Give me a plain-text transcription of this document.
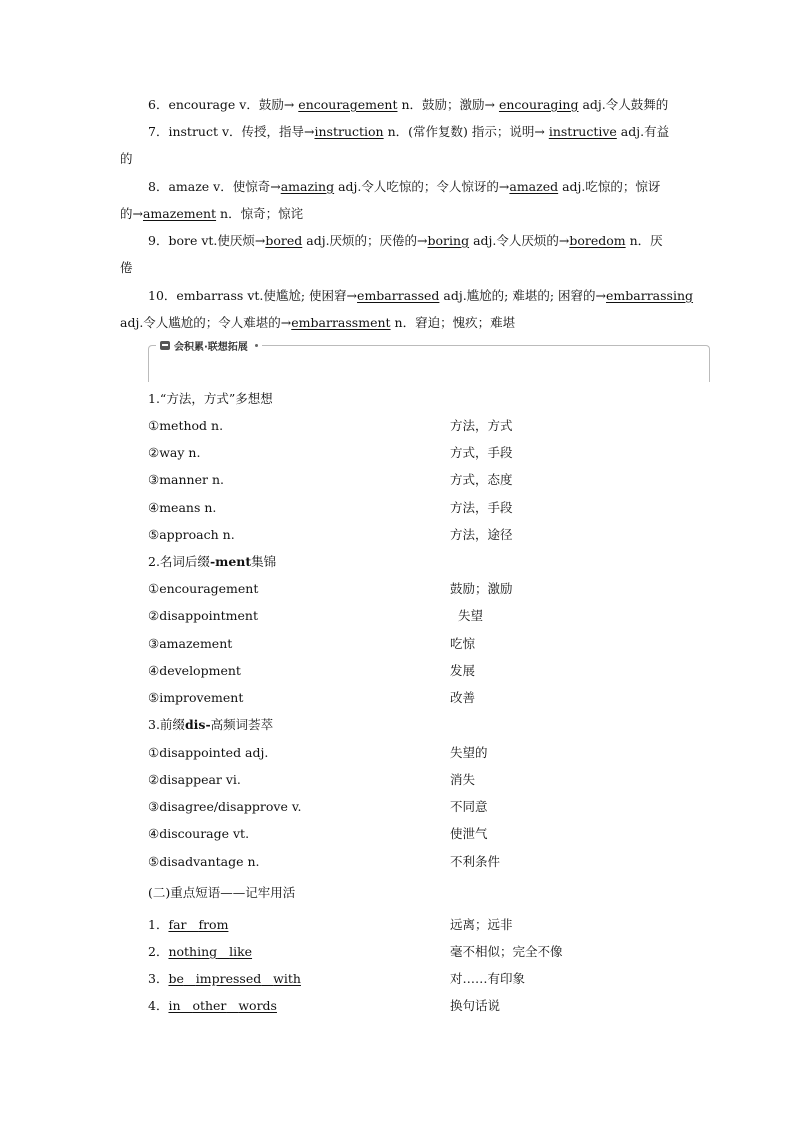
6．encourage v．鼓励→ encouragement n．鼓励；激励→ encouraging adj.令人鼓舞的
7．instruct v．传授，指导→instruction n．(常作复数) 指示；说明→ instructive adj.有益
的
8．amaze v．使惊奇→amazing adj.令人吃惊的；令人惊讶的→amazed adj.吃惊的；惊讶
的→amazement n．惊奇；惊诧
9．bore vt.使厌烦→bored adj.厌烦的；厌倦的→boring adj.令人厌烦的→boredom n．厌
倦
10．embarrass vt.使尴尬; 使困窘→embarrassed adj.尴尬的; 难堪的; 困窘的→embarrassing
adj.令人尴尬的；令人难堪的→embarrassment n．窘迫；愧疚；难堪
会积累·联想拓展
1.“方法，方式”多想想
①method n.	方法，方式
②way n.	方式，手段
③manner n.	方式，态度
④means n.	方法，手段
⑤approach n.	方法，途径
2.名词后缀-ment集锦
①encouragement	鼓励；激励
②disappointment	失望
③amazement	吃惊
④development	发展
⑤improvement	改善
3.前缀dis-高频词荟萃
①disappointed adj.	失望的
②disappear vi.	消失
③disagree/disapprove v.	不同意
④discourage vt.	使泄气
⑤disadvantage n.	不利条件
(二)重点短语——记牢用活
1．far from	远离；远非
2．nothing like	毫不相似；完全不像
3．be impressed with	对……有印象
4．in other words	换句话说
